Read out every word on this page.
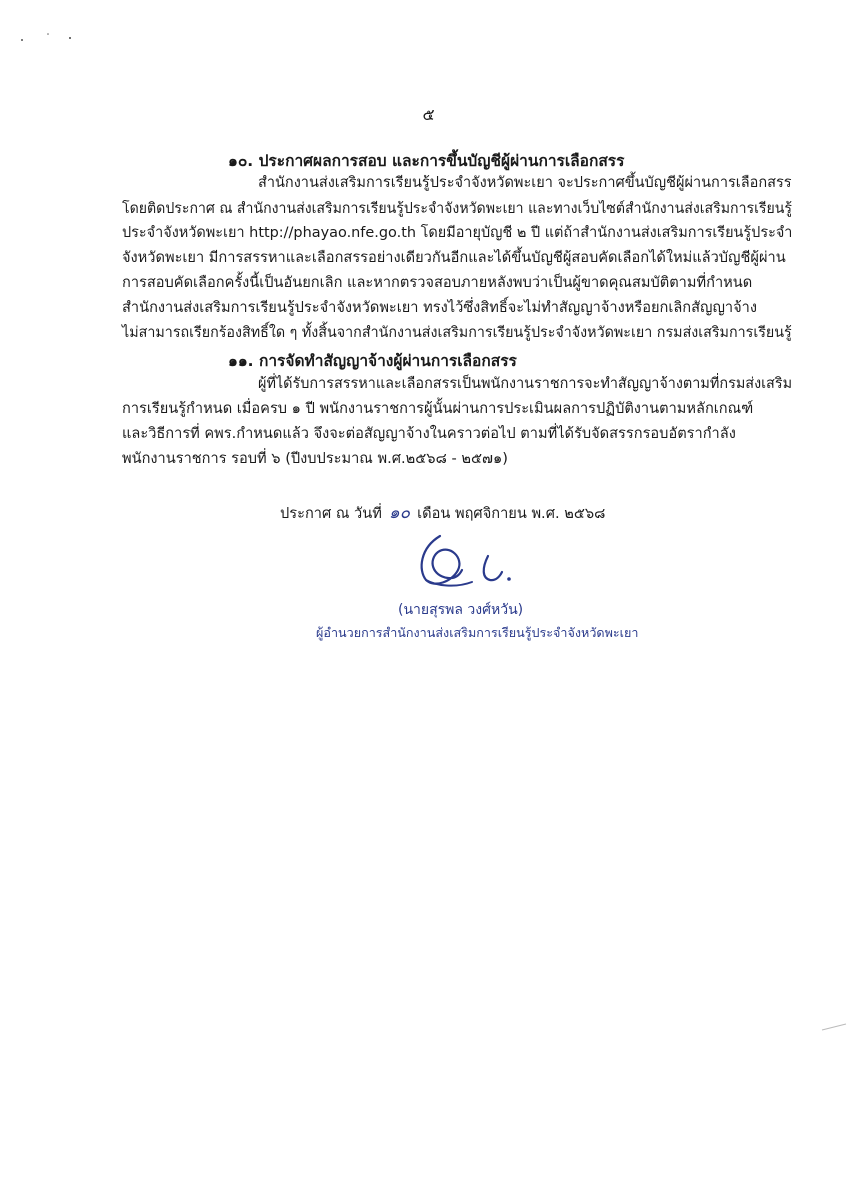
๕
๑๐. ประกาศผลการสอบ และการขึ้นบัญชีผู้ผ่านการเลือกสรร
สำนักงานส่งเสริมการเรียนรู้ประจำจังหวัดพะเยา จะประกาศขึ้นบัญชีผู้ผ่านการเลือกสรร
โดยติดประกาศ ณ สำนักงานส่งเสริมการเรียนรู้ประจำจังหวัดพะเยา และทางเว็บไซต์สำนักงานส่งเสริมการเรียนรู้
ประจำจังหวัดพะเยา http://phayao.nfe.go.th โดยมีอายุบัญชี ๒ ปี แต่ถ้าสำนักงานส่งเสริมการเรียนรู้ประจำ
จังหวัดพะเยา มีการสรรหาและเลือกสรรอย่างเดียวกันอีกและได้ขึ้นบัญชีผู้สอบคัดเลือกได้ใหม่แล้วบัญชีผู้ผ่าน
การสอบคัดเลือกครั้งนี้เป็นอันยกเลิก และหากตรวจสอบภายหลังพบว่าเป็นผู้ขาดคุณสมบัติตามที่กำหนด
สำนักงานส่งเสริมการเรียนรู้ประจำจังหวัดพะเยา ทรงไว้ซึ่งสิทธิ์จะไม่ทำสัญญาจ้างหรือยกเลิกสัญญาจ้าง
ไม่สามารถเรียกร้องสิทธิ์ใด ๆ ทั้งสิ้นจากสำนักงานส่งเสริมการเรียนรู้ประจำจังหวัดพะเยา กรมส่งเสริมการเรียนรู้
๑๑. การจัดทำสัญญาจ้างผู้ผ่านการเลือกสรร
ผู้ที่ได้รับการสรรหาและเลือกสรรเป็นพนักงานราชการจะทำสัญญาจ้างตามที่กรมส่งเสริม
การเรียนรู้กำหนด เมื่อครบ ๑ ปี พนักงานราชการผู้นั้นผ่านการประเมินผลการปฏิบัติงานตามหลักเกณฑ์
และวิธีการที่ คพร.กำหนดแล้ว จึงจะต่อสัญญาจ้างในคราวต่อไป ตามที่ได้รับจัดสรรกรอบอัตรากำลัง
พนักงานราชการ รอบที่ ๖ (ปีงบประมาณ พ.ศ.๒๕๖๘ - ๒๕๗๑)
ประกาศ ณ วันที่ ๑๐ เดือน พฤศจิกายน พ.ศ. ๒๕๖๘
(นายสุรพล วงศ์หวัน)
ผู้อำนวยการสำนักงานส่งเสริมการเรียนรู้ประจำจังหวัดพะเยา
